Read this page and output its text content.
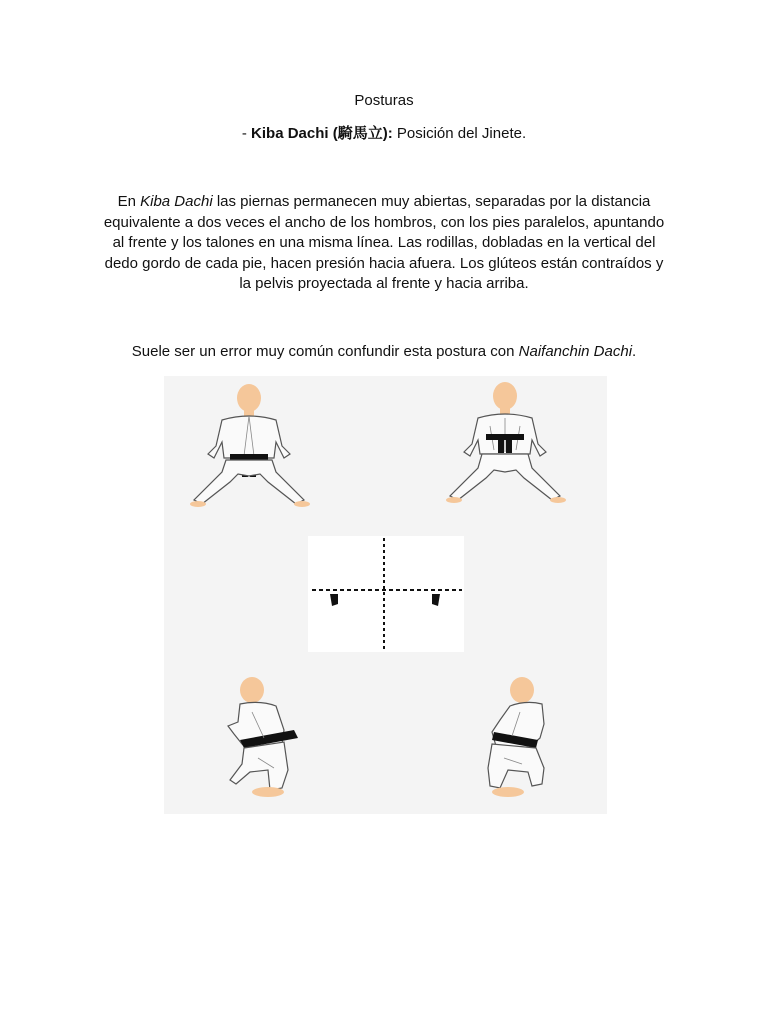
Posturas
- Kiba Dachi (騎馬立): Posición del Jinete.
En Kiba Dachi las piernas permanecen muy abiertas, separadas por la distancia equivalente a dos veces el ancho de los hombros, con los pies paralelos, apuntando al frente y los talones en una misma línea. Las rodillas, dobladas en la vertical del dedo gordo de cada pie, hacen presión hacia afuera. Los glúteos están contraídos y la pelvis proyectada al frente y hacia arriba.
Suele ser un error muy común confundir esta postura con Naifanchin Dachi.
